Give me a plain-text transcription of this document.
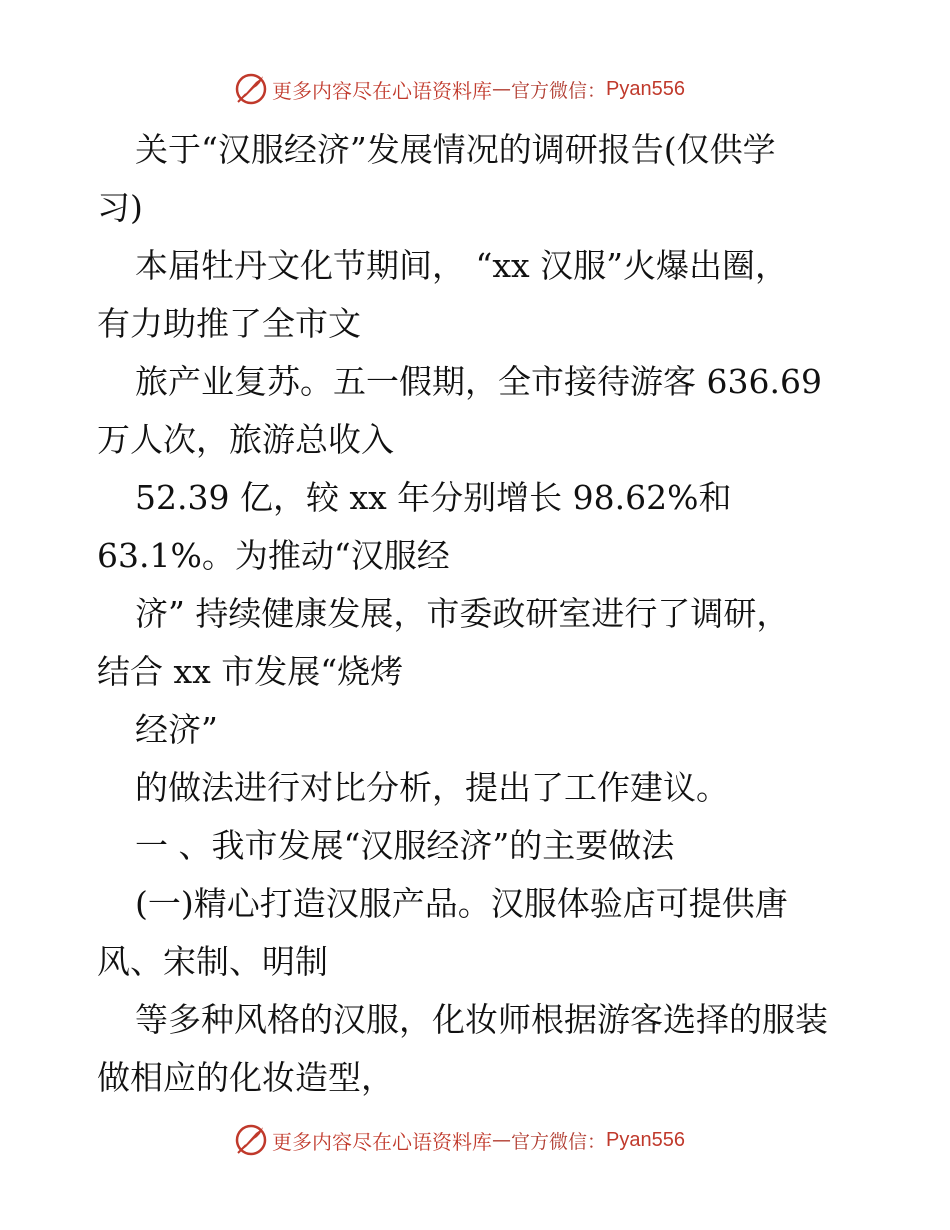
更多内容尽在心语资料库 — 官方微信： Pyan556
关于“汉服经济”发展情况的调研报告(仅供学
习)
本届牡丹文化节期间， “xx 汉服”火爆出圈，
有力助推了全市文
旅产业复苏。五一假期，全市接待游客 636.69
万人次，旅游总收入
52.39 亿，较 xx 年分别增长 98.62%和
63.1%。为推动“汉服经
济” 持续健康发展，市委政研室进行了调研，
结合 xx 市发展“烧烤
经济”
的做法进行对比分析，提出了工作建议。
一 、我市发展“汉服经济”的主要做法
(一)精心打造汉服产品。汉服体验店可提供唐
风、宋制、明制
等多种风格的汉服，化妆师根据游客选择的服装
做相应的化妆造型，
更多内容尽在心语资料库 — 官方微信： Pyan556
